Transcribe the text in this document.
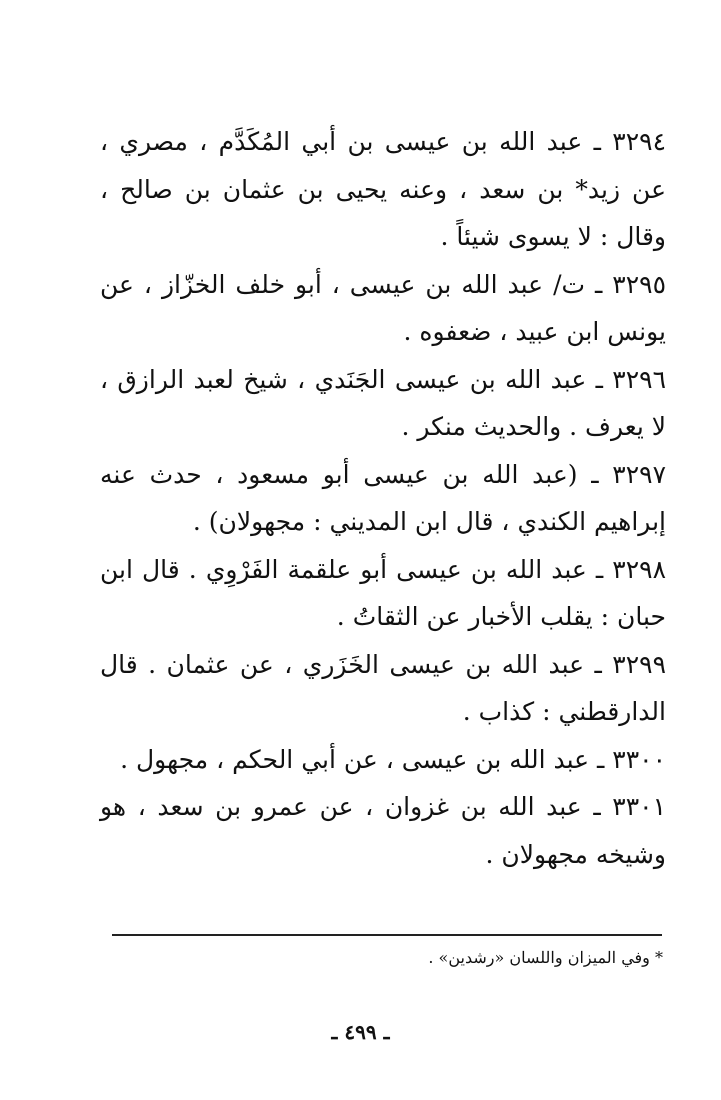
٣٢٩٤ ـ عبد الله بن عيسى بن أبي المُكَدَّم ، مصري ، عن زيد* بن سعد ، وعنه يحيى بن عثمان بن صالح ، وقال : لا يسوى شيئاً .

٣٢٩٥ ـ ت/ عبد الله بن عيسى ، أبو خلف الخزّاز ، عن يونس ابن عبيد ، ضعفوه .

٣٢٩٦ ـ عبد الله بن عيسى الجَنَدي ، شيخ لعبد الرازق ، لا يعرف . والحديث منكر .

٣٢٩٧ ـ (عبد الله بن عيسى أبو مسعود ، حدث عنه إبراهيم الكندي ، قال ابن المديني : مجهولان) .

٣٢٩٨ ـ عبد الله بن عيسى أبو علقمة الفَرْوِي . قال ابن حبان : يقلب الأخبار عن الثقاتُ .

٣٢٩٩ ـ عبد الله بن عيسى الخَزَري ، عن عثمان . قال الدارقطني : كذاب .

٣٣٠٠ ـ عبد الله بن عيسى ، عن أبي الحكم ، مجهول .

٣٣٠١ ـ عبد الله بن غزوان ، عن عمرو بن سعد ، هو وشيخه مجهولان .

* وفي الميزان واللسان «رشدين» .
ـ ٤٩٩ ـ
